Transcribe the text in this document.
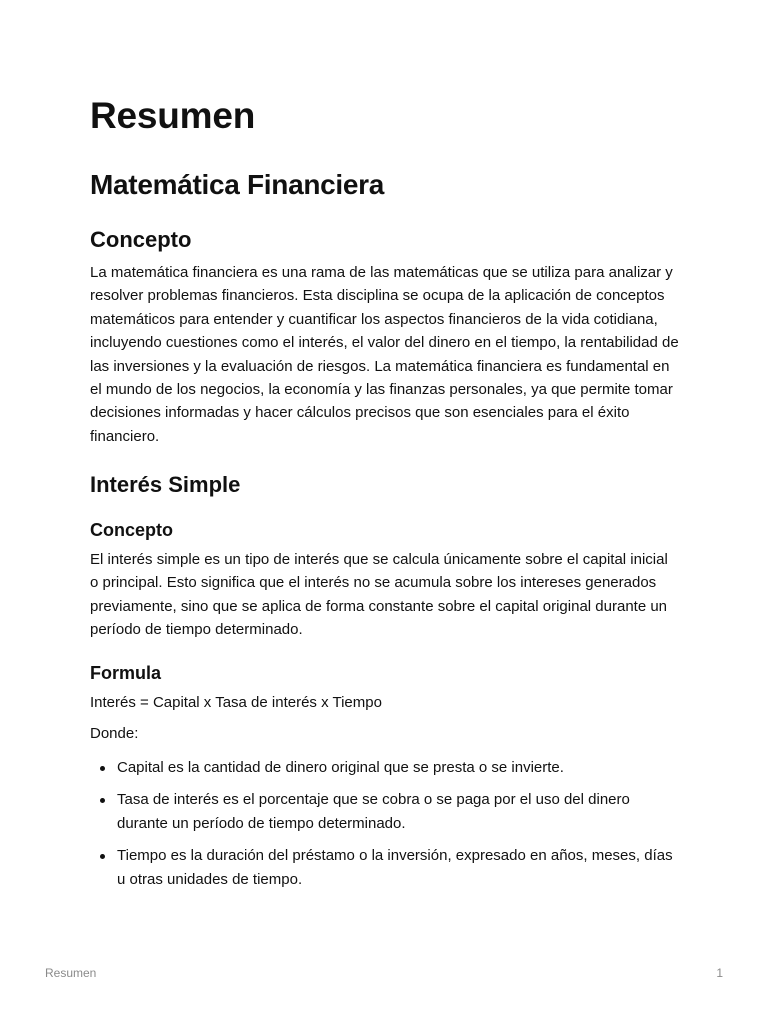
Resumen
Matemática Financiera
Concepto

La matemática financiera es una rama de las matemáticas que se utiliza para analizar y resolver problemas financieros. Esta disciplina se ocupa de la aplicación de conceptos matemáticos para entender y cuantificar los aspectos financieros de la vida cotidiana, incluyendo cuestiones como el interés, el valor del dinero en el tiempo, la rentabilidad de las inversiones y la evaluación de riesgos. La matemática financiera es fundamental en el mundo de los negocios, la economía y las finanzas personales, ya que permite tomar decisiones informadas y hacer cálculos precisos que son esenciales para el éxito financiero.

Interés Simple
Concepto

El interés simple es un tipo de interés que se calcula únicamente sobre el capital inicial o principal. Esto significa que el interés no se acumula sobre los intereses generados previamente, sino que se aplica de forma constante sobre el capital original durante un período de tiempo determinado.

Formula

Interés = Capital x Tasa de interés x Tiempo

Donde:

Capital es la cantidad de dinero original que se presta o se invierte.
Tasa de interés es el porcentaje que se cobra o se paga por el uso del dinero durante un período de tiempo determinado.
Tiempo es la duración del préstamo o la inversión, expresado en años, meses, días u otras unidades de tiempo.
Resumen	1
